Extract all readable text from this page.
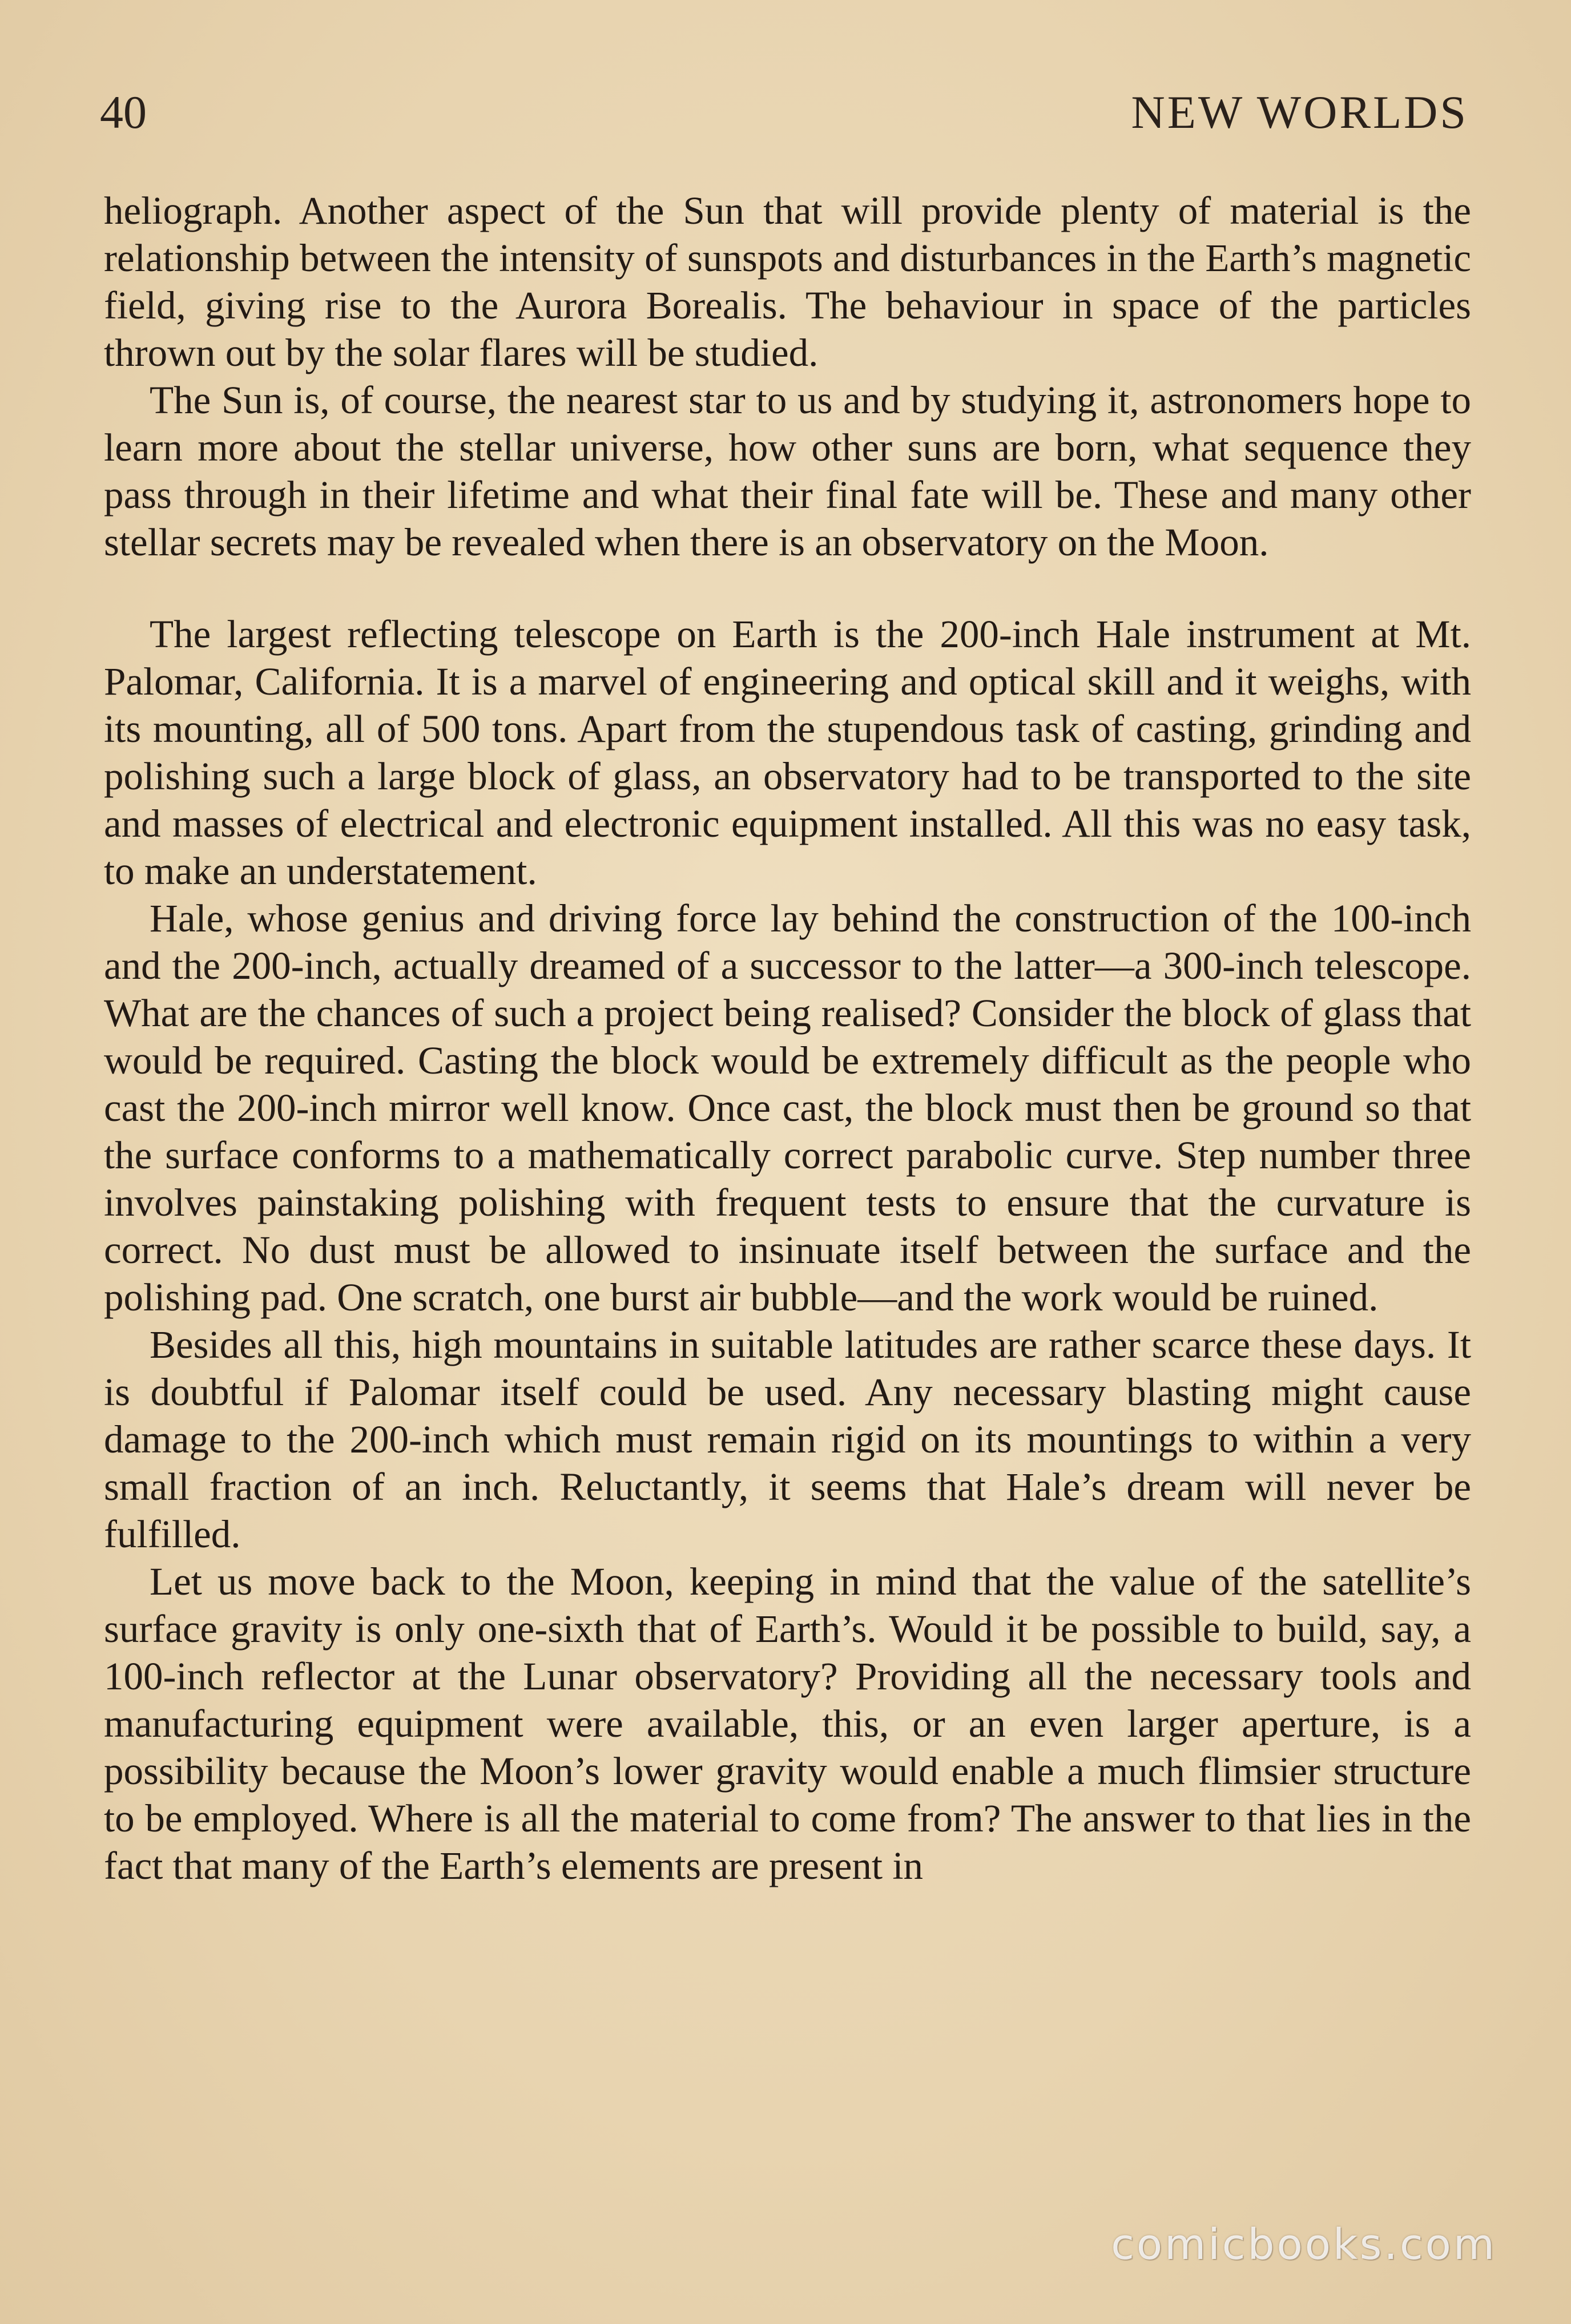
40	NEW WORLDS

heliograph. Another aspect of the Sun that will provide plenty of material is the relationship between the intensity of sunspots and disturbances in the Earth’s magnetic field, giving rise to the Aurora Borealis. The behaviour in space of the particles thrown out by the solar flares will be studied.

The Sun is, of course, the nearest star to us and by studying it, astronomers hope to learn more about the stellar universe, how other suns are born, what sequence they pass through in their lifetime and what their final fate will be. These and many other stellar secrets may be revealed when there is an observatory on the Moon.

The largest reflecting telescope on Earth is the 200-inch Hale instrument at Mt. Palomar, California. It is a marvel of engineering and optical skill and it weighs, with its mounting, all of 500 tons. Apart from the stupendous task of casting, grinding and polishing such a large block of glass, an observatory had to be transported to the site and masses of electrical and electronic equipment installed. All this was no easy task, to make an understatement.

Hale, whose genius and driving force lay behind the construction of the 100-inch and the 200-inch, actually dreamed of a successor to the latter—a 300-inch telescope. What are the chances of such a project being realised? Consider the block of glass that would be required. Casting the block would be extremely difficult as the people who cast the 200-inch mirror well know. Once cast, the block must then be ground so that the surface conforms to a mathematically correct parabolic curve. Step number three involves painstaking polishing with frequent tests to ensure that the curvature is correct. No dust must be allowed to insinuate itself between the surface and the polishing pad. One scratch, one burst air bubble—and the work would be ruined.

Besides all this, high mountains in suitable latitudes are rather scarce these days. It is doubtful if Palomar itself could be used. Any necessary blasting might cause damage to the 200-inch which must remain rigid on its mountings to within a very small fraction of an inch. Reluctantly, it seems that Hale’s dream will never be fulfilled.

Let us move back to the Moon, keeping in mind that the value of the satellite’s surface gravity is only one-sixth that of Earth’s. Would it be possible to build, say, a 100-inch reflector at the Lunar observatory? Providing all the necessary tools and manufacturing equipment were available, this, or an even larger aperture, is a possibility because the Moon’s lower gravity would enable a much flimsier structure to be employed. Where is all the material to come from? The answer to that lies in the fact that many of the Earth’s elements are present in

comicbooks.com
